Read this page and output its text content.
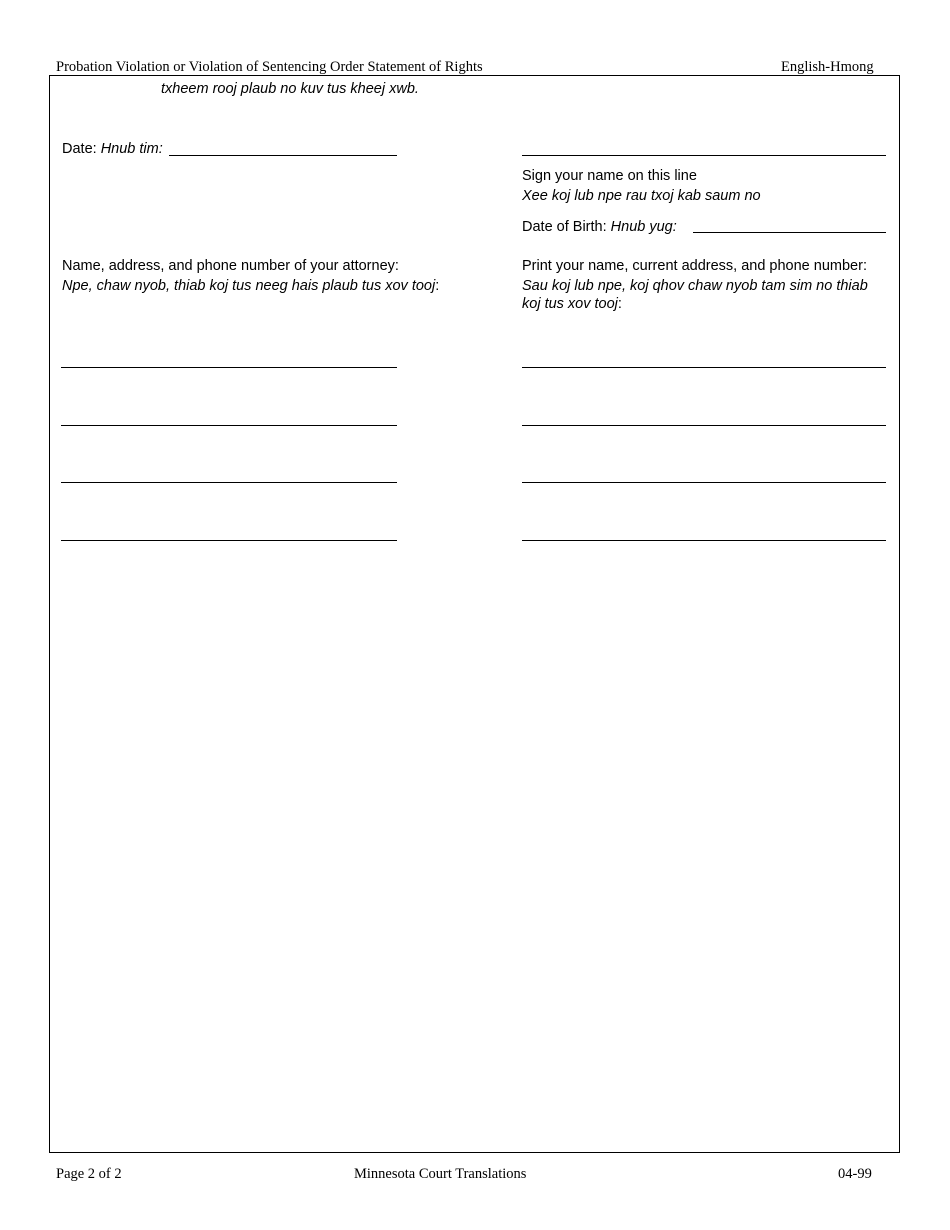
Probation Violation or Violation of Sentencing Order Statement of Rights	English-Hmong
txheem rooj plaub no kuv tus kheej xwb.
Date: Hnub tim:
Sign your name on this line
Xee koj lub npe rau txoj kab saum no
Date of Birth: Hnub yug:
Name, address, and phone number of your attorney:
Npe, chaw nyob, thiab koj tus neeg hais plaub tus xov tooj:
Print your name, current address, and phone number:
Sau koj lub npe, koj qhov chaw nyob tam sim no thiab
koj tus xov tooj:
Page 2 of 2	Minnesota Court Translations	04-99
